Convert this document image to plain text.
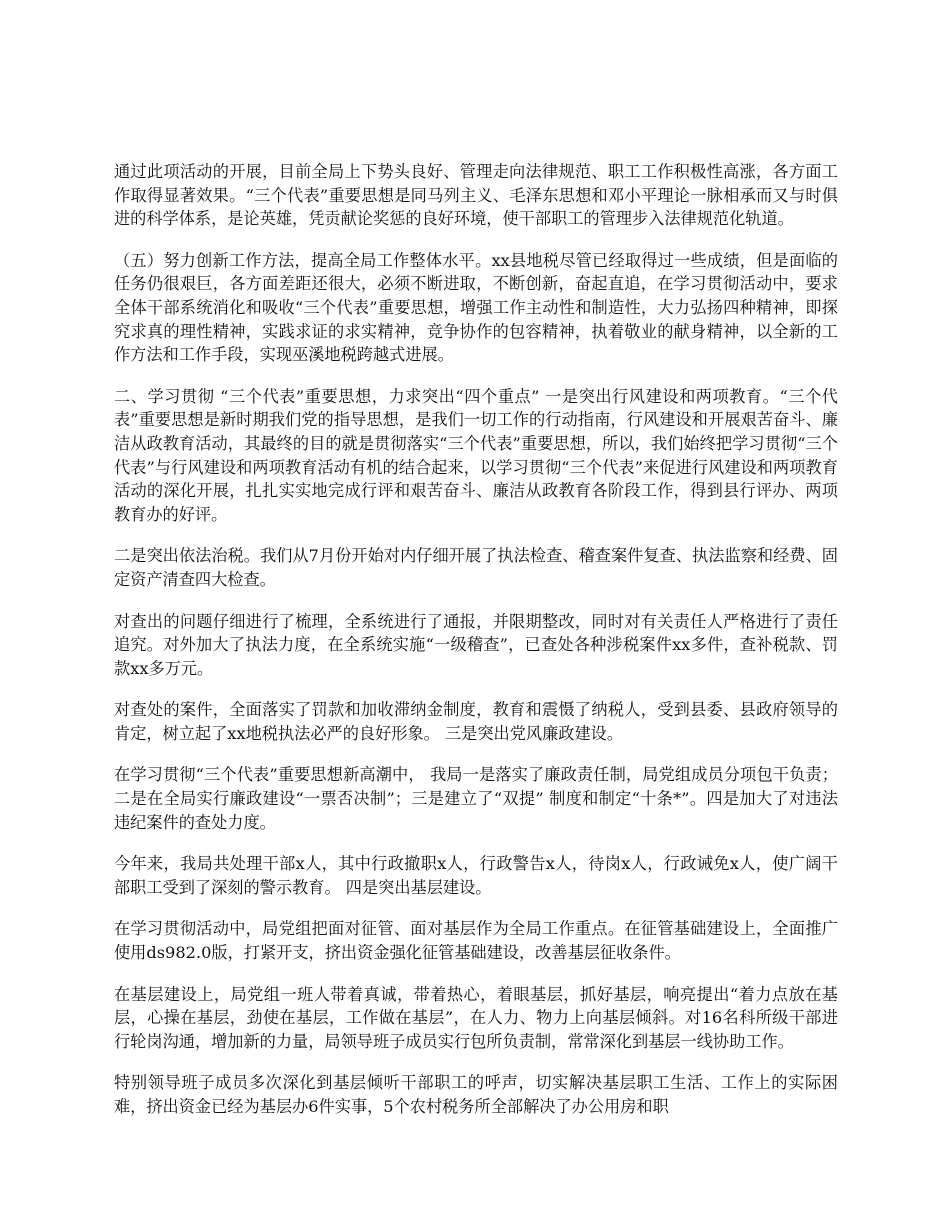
通过此项活动的开展，目前全局上下势头良好、管理走向法律规范、职工工作积极性高涨，各方面工作取得显著效果。“三个代表”重要思想是同马列主义、毛泽东思想和邓小平理论一脉相承而又与时俱进的科学体系，是论英雄，凭贡献论奖惩的良好环境，使干部职工的管理步入法律规范化轨道。

（五）努力创新工作方法，提高全局工作整体水平。xx县地税尽管已经取得过一些成绩，但是面临的任务仍很艰巨，各方面差距还很大，必须不断进取，不断创新，奋起直追，在学习贯彻活动中，要求全体干部系统消化和吸收“三个代表”重要思想，增强工作主动性和制造性，大力弘扬四种精神，即探究求真的理性精神，实践求证的求实精神，竞争协作的包容精神，执着敬业的献身精神，以全新的工作方法和工作手段，实现巫溪地税跨越式进展。

二、学习贯彻 “三个代表”重要思想，力求突出“四个重点” 一是突出行风建设和两项教育。“三个代表”重要思想是新时期我们党的指导思想，是我们一切工作的行动指南，行风建设和开展艰苦奋斗、廉洁从政教育活动，其最终的目的就是贯彻落实“三个代表”重要思想，所以，我们始终把学习贯彻“三个代表”与行风建设和两项教育活动有机的结合起来，以学习贯彻“三个代表”来促进行风建设和两项教育活动的深化开展，扎扎实实地完成行评和艰苦奋斗、廉洁从政教育各阶段工作，得到县行评办、两项教育办的好评。

二是突出依法治税。我们从7月份开始对内仔细开展了执法检查、稽查案件复查、执法监察和经费、固定资产清查四大检查。

对查出的问题仔细进行了梳理，全系统进行了通报，并限期整改，同时对有关责任人严格进行了责任追究。对外加大了执法力度，在全系统实施“一级稽查”，已查处各种涉税案件xx多件，查补税款、罚款xx多万元。

对查处的案件，全面落实了罚款和加收滞纳金制度，教育和震慑了纳税人，受到县委、县政府领导的肯定，树立起了xx地税执法必严的良好形象。 三是突出党风廉政建设。

在学习贯彻“三个代表”重要思想新高潮中， 我局一是落实了廉政责任制，局党组成员分项包干负责；二是在全局实行廉政建设“一票否决制”；三是建立了“双提” 制度和制定“十条*”。四是加大了对违法违纪案件的查处力度。

今年来，我局共处理干部x人，其中行政撤职x人，行政警告x人，待岗x人，行政诫免x人，使广阔干部职工受到了深刻的警示教育。 四是突出基层建设。

在学习贯彻活动中，局党组把面对征管、面对基层作为全局工作重点。在征管基础建设上，全面推广使用ds982.0版，打紧开支，挤出资金强化征管基础建设，改善基层征收条件。

在基层建设上，局党组一班人带着真诚，带着热心，着眼基层，抓好基层，响亮提出“着力点放在基层，心操在基层，劲使在基层，工作做在基层”，在人力、物力上向基层倾斜。对16名科所级干部进行轮岗沟通，增加新的力量，局领导班子成员实行包所负责制，常常深化到基层一线协助工作。

特别领导班子成员多次深化到基层倾听干部职工的呼声，切实解决基层职工生活、工作上的实际困难，挤出资金已经为基层办6件实事，5个农村税务所全部解决了办公用房和职
